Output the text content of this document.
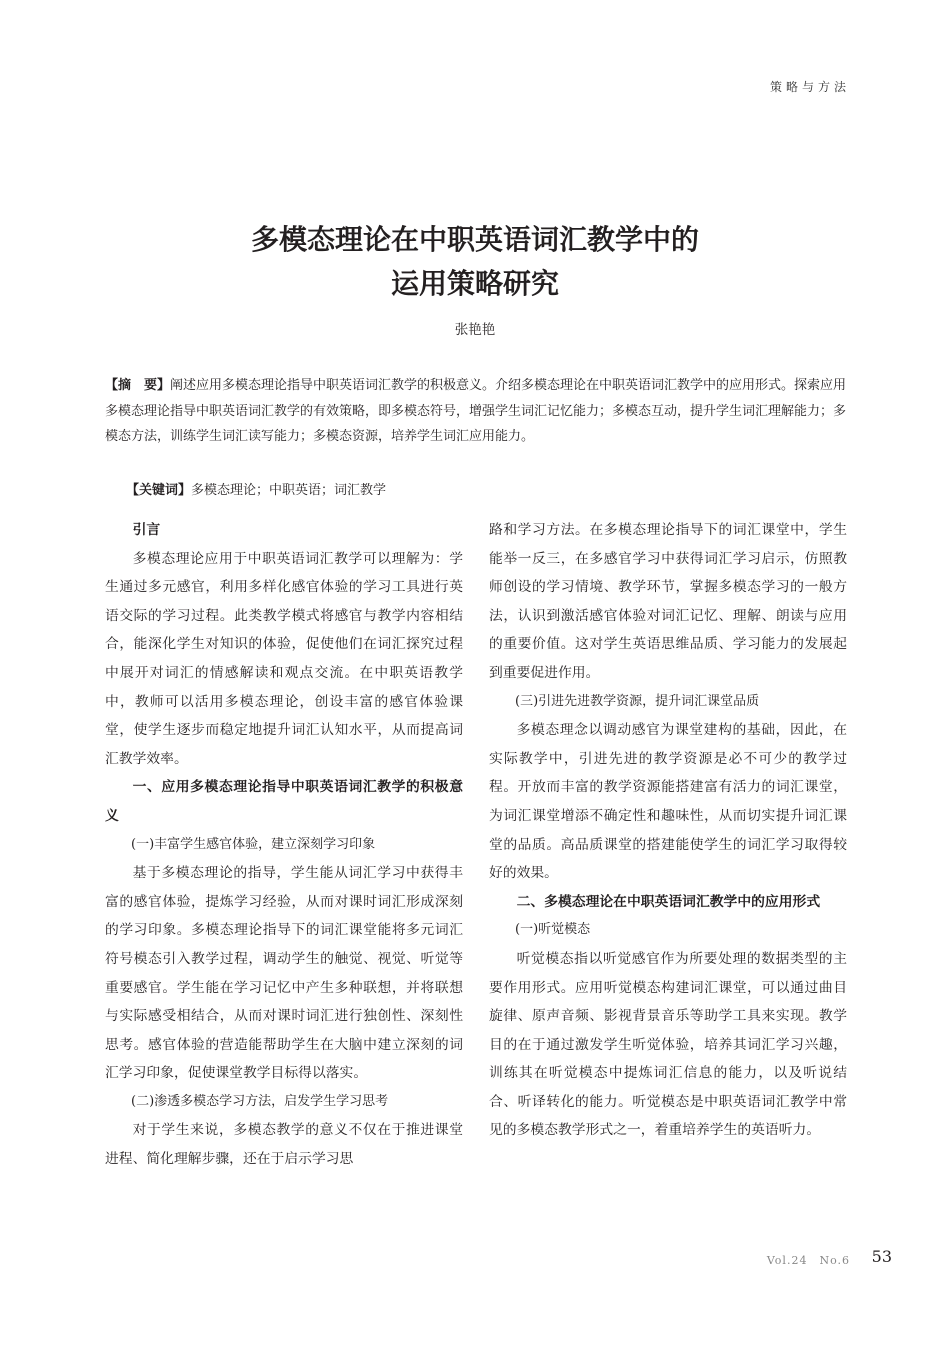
策略与方法
多模态理论在中职英语词汇教学中的
运用策略研究
张艳艳
【摘　要】阐述应用多模态理论指导中职英语词汇教学的积极意义。介绍多模态理论在中职英语词汇教学中的应用形式。探索应用多模态理论指导中职英语词汇教学的有效策略，即多模态符号，增强学生词汇记忆能力；多模态互动，提升学生词汇理解能力；多模态方法，训练学生词汇读写能力；多模态资源，培养学生词汇应用能力。
【关键词】多模态理论；中职英语；词汇教学
引言

多模态理论应用于中职英语词汇教学可以理解为：学生通过多元感官，利用多样化感官体验的学习工具进行英语交际的学习过程。此类教学模式将感官与教学内容相结合，能深化学生对知识的体验，促使他们在词汇探究过程中展开对词汇的情感解读和观点交流。在中职英语教学中，教师可以活用多模态理论，创设丰富的感官体验课堂，使学生逐步而稳定地提升词汇认知水平，从而提高词汇教学效率。

一、应用多模态理论指导中职英语词汇教学的积极意义
(一)丰富学生感官体验，建立深刻学习印象

基于多模态理论的指导，学生能从词汇学习中获得丰富的感官体验，提炼学习经验，从而对课时词汇形成深刻的学习印象。多模态理论指导下的词汇课堂能将多元词汇符号模态引入教学过程，调动学生的触觉、视觉、听觉等重要感官。学生能在学习记忆中产生多种联想，并将联想与实际感受相结合，从而对课时词汇进行独创性、深刻性思考。感官体验的营造能帮助学生在大脑中建立深刻的词汇学习印象，促使课堂教学目标得以落实。

(二)渗透多模态学习方法，启发学生学习思考

对于学生来说，多模态教学的意义不仅在于推进课堂进程、简化理解步骤，还在于启示学习思

路和学习方法。在多模态理论指导下的词汇课堂中，学生能举一反三，在多感官学习中获得词汇学习启示，仿照教师创设的学习情境、教学环节，掌握多模态学习的一般方法，认识到激活感官体验对词汇记忆、理解、朗读与应用的重要价值。这对学生英语思维品质、学习能力的发展起到重要促进作用。

(三)引进先进教学资源，提升词汇课堂品质

多模态理念以调动感官为课堂建构的基础，因此，在实际教学中，引进先进的教学资源是必不可少的教学过程。开放而丰富的教学资源能搭建富有活力的词汇课堂，为词汇课堂增添不确定性和趣味性，从而切实提升词汇课堂的品质。高品质课堂的搭建能使学生的词汇学习取得较好的效果。

二、多模态理论在中职英语词汇教学中的应用形式
(一)听觉模态

听觉模态指以听觉感官作为所要处理的数据类型的主要作用形式。应用听觉模态构建词汇课堂，可以通过曲目旋律、原声音频、影视背景音乐等助学工具来实现。教学目的在于通过激发学生听觉体验，培养其词汇学习兴趣，训练其在听觉模态中提炼词汇信息的能力，以及听说结合、听译转化的能力。听觉模态是中职英语词汇教学中常见的多模态教学形式之一，着重培养学生的英语听力。

Vol.24　No.6 53
